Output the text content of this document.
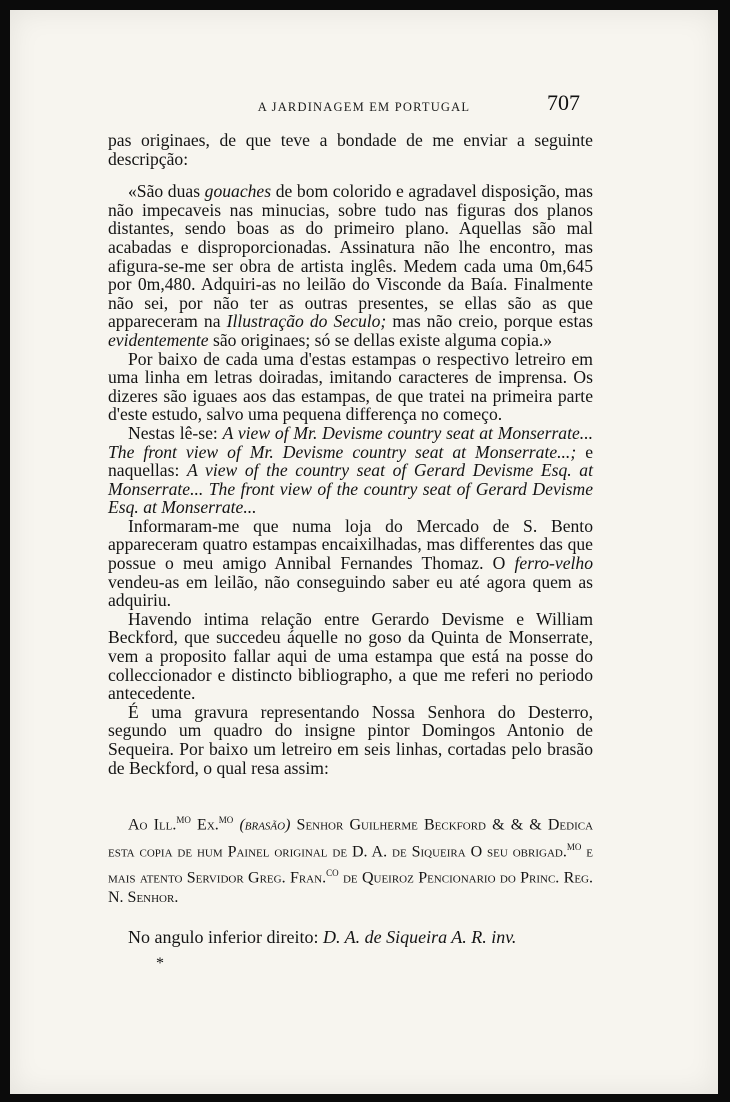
A JARDINAGEM EM PORTUGAL	707

pas originaes, de que teve a bondade de me enviar a seguinte descripção:

«São duas gouaches de bom colorido e agradavel disposição, mas não impecaveis nas minucias, sobre tudo nas figuras dos planos distantes, sendo boas as do primeiro plano. Aquellas são mal acabadas e disproporcionadas. Assinatura não lhe encontro, mas afigura-se-me ser obra de artista inglês. Medem cada uma 0m,645 por 0m,480. Adquiri-as no leilão do Visconde da Baía. Finalmente não sei, por não ter as outras presentes, se ellas são as que appareceram na Illustração do Seculo; mas não creio, porque estas evidentemente são originaes; só se dellas existe alguma copia.»

Por baixo de cada uma d'estas estampas o respectivo letreiro em uma linha em letras doiradas, imitando caracteres de imprensa. Os dizeres são iguaes aos das estampas, de que tratei na primeira parte d'este estudo, salvo uma pequena differença no começo.

Nestas lê-se: A view of Mr. Devisme country seat at Monserrate... The front view of Mr. Devisme country seat at Monserrate...; e naquellas: A view of the country seat of Gerard Devisme Esq. at Monserrate... The front view of the country seat of Gerard Devisme Esq. at Monserrate...

Informaram-me que numa loja do Mercado de S. Bento appareceram quatro estampas encaixilhadas, mas differentes das que possue o meu amigo Annibal Fernandes Thomaz. O ferro-velho vendeu-as em leilão, não conseguindo saber eu até agora quem as adquiriu.

Havendo intima relação entre Gerardo Devisme e William Beckford, que succedeu áquelle no goso da Quinta de Monserrate, vem a proposito fallar aqui de uma estampa que está na posse do colleccionador e distincto bibliographo, a que me referi no periodo antecedente.

É uma gravura representando Nossa Senhora do Desterro, segundo um quadro do insigne pintor Domingos Antonio de Sequeira. Por baixo um letreiro em seis linhas, cortadas pelo brasão de Beckford, o qual resa assim:

Ao Ill.$^{mo}$ Ex.$^{mo}$ (brasão) Senhor Guilherme Beckford & & & Dedica esta copia de hum Painel original de D. A. de Siqueira O seu obrigad.$^{mo}$ e mais atento Servidor Greg. Fran.$^{co}$ de Queiroz Pencionario do Princ. Reg. N. Senhor.

No angulo inferior direito: D. A. de Siqueira A. R. inv.

*
